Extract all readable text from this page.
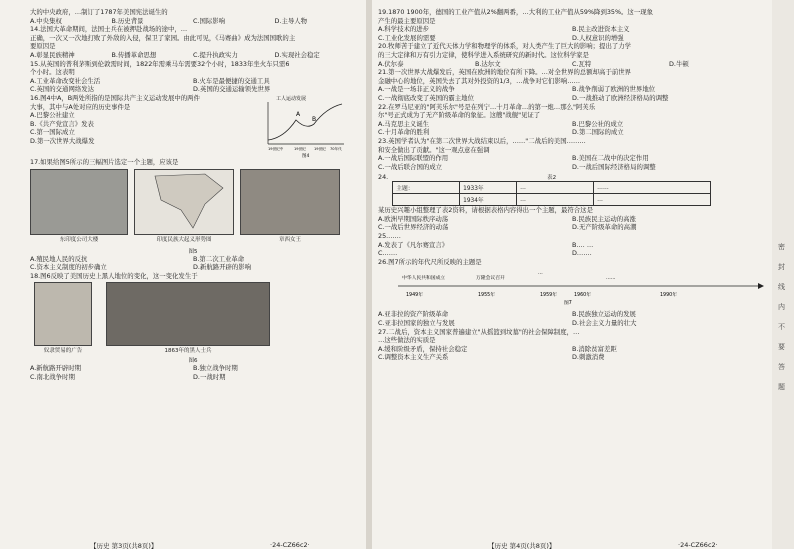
大的中央政府，…制订了1787年美国宪法诞生的

A.中央集权	B.历史背景	C.国际影响	D.主导人物

14.法国大革命期间，法国士兵在被押赴战场的途中，…

正确，一次又一次地打败了外敌的入侵，保卫了家园。由此可见，《马赛曲》成为法国国歌的主

要原因是

A.彰显民族精神	B.传播革命思想	C.提升执政实力	D.实现社会稳定

15.从英国的普利茅斯到伦敦需时间，1822年需乘马车需要32个小时，1833年坐火车只需6

个小时。这表明

A.工业革命改变社会生活	B.火车是最便捷的交通工具
C.英国的交通网络发达	D.英国的交通运输领先世界

16.图4中A，B两处所指的是国际共产主义运动发展中的两件

大事，其中与A处对应的历史事件是

A.巴黎公社建立

B.《共产党宣言》发表

C.第一国际成立

D.第一次世界大战爆发

工人运动发展
A
B
19世纪中	19世纪 19世纪 70年代
图4

17.如果给图5所示的三幅图片选定一个主题，应该是

东印度公司大楼	印度民族大起义形势图	章西女王
图5
A.殖民地人民的反抗	B.第二次工业革命
C.资本主义制度的初步确立	D.新航路开辟的影响

18.图6反映了美国历史上黑人地位的变化，这一变化发生于

奴隶贸易的广告	1863年的黑人士兵
图6
A.新航路开辟时期	B.独立战争时期
C.南北战争时期	D.一战时期
【历史 第3页(共8页)】	·24-CZ66c2·

19.1870 1900年，德国的工业产值从2%翻两番，…大利的工业产值从59%降到35%。这一现象

产生的最主要原因是

A.科学技术的进步	B.民主改进资本主义
C.工业化发展的需要	D.人权意识的增强

20.牧师苦于建立了近代天体力学和物理学的体系，对人类产生了巨大的影响；提出了力学

的三大定律和万有引力定律，使科学进入系统研究的新时代。这位科学家是

A.伏尔泰	B.达尔文	C.瓦特	D.牛顿

21.第一次世界大战爆发后，英国在欧洲的地位有所下降。…对全世界的总额却高于前世界

金融中心的地位，英国失去了其对外投资的1/3，…战争对它们影响……

A.一战是一场非正义的战争	B.战争削弱了欧洲的世界地位
C.一战彻底改变了英国的霸主地位	D.一战推动了欧洲经济格局的调整

22.在罗马尼亚的"阿芙乐尔"号是在列宁…十月革命…的第一炮…那么"阿芙乐

尔"号正式成为了无产阶级革命的象征。这艘"战舰"见证了

A.马克思主义诞生	B.巴黎公社的成立
C.十月革命的胜利	D.第二国际的成立

23.英国学者认为"在第二次世界大战结束以后，……"二战后的美国………

和安全做出了贡献。"这一观点意在强调

A.一战后国际联盟的作用	B.美国在二战中的决定作用
C.一战后联合国的成立	D.一战后国际经济格局的调整
24.	表2
主题：	1933年	…	……
	1934年	…	…

某历史兴趣小组整理了表2资料，请根据表格内容得出一个主题，最符合这是

A.欧洲早期国际秩序动荡	B.民族民主运动的高涨
C.一战后世界经济的动荡	D.无产阶级革命的高潮

25.……

A.发表了《凡尔赛宣言》	B.… …
C.……	D.……

26.图7所示的年代尺所反映的主题是

中华人民共和国成立	万隆会议召开
…
……
1949年	1955年	1959年	1960年	1990年
图7
A.亚非拉的资产阶级革命	B.民族独立运动的发展
C.亚非拉国家的独立与发展	D.社会主义力量的壮大

27.二战后，资本主义国家普遍建立"从摇篮到坟墓"的社会保障制度，…

…这些做法的实质是

A.缓和阶级矛盾，保持社会稳定	B.消除贫富差距
C.调整资本主义生产关系	D.刺激消费
【历史 第4页(共8页)】	·24-CZ66c2·
密
封
线
内
不
要
答
题
